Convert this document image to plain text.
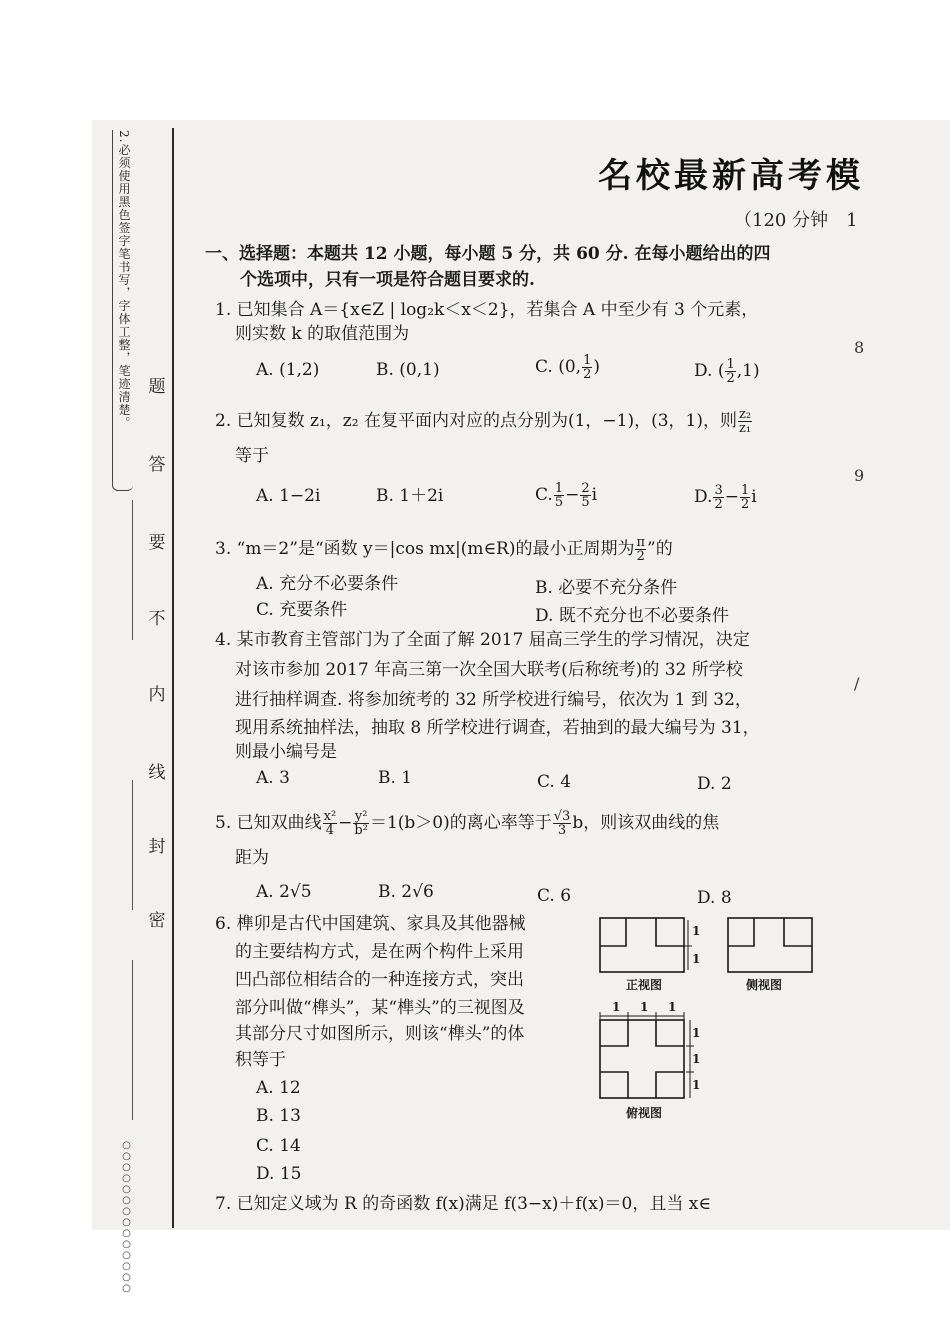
2.必须使用黑色签字笔书写，字体工整，笔迹清楚。
○○○○○○○○○○○○○○
题
答
要
不
内
线
封
密
名校最新高考模
（120 分钟　1
8
9
/
一、选择题：本题共 12 小题，每小题 5 分，共 60 分. 在每小题给出的四
个选项中，只有一项是符合题目要求的.
1. 已知集合 A＝{x∈Z | log₂k＜x＜2}，若集合 A 中至少有 3 个元素，
则实数 k 的取值范围为
A. (1,2)	B. (0,1)	C. (0, $\frac{1}{2}$ )	D. ( $\frac{1}{2} ,1$)
2. 已知复数 z₁，z₂ 在复平面内对应的点分别为(1，−1)，(3，1)，则 $\frac{\text{z₂}}{\text{z₁}}$
等于
A. 1−2i	B. 1＋2i	C. $\frac{1}{5} - \frac{2}{5}$ i	D. $\frac{3}{2} - \frac{1}{2}$ i
3. “m＝2”是“函数 y＝|cos mx|(m∈R)的最小正周期为 $\frac{\pi}{2}$ ”的
A. 充分不必要条件	B. 必要不充分条件
C. 充要条件	D. 既不充分也不必要条件
4. 某市教育主管部门为了全面了解 2017 届高三学生的学习情况，决定
对该市参加 2017 年高三第一次全国大联考(后称统考)的 32 所学校
进行抽样调查. 将参加统考的 32 所学校进行编号，依次为 1 到 32，
现用系统抽样法，抽取 8 所学校进行调查，若抽到的最大编号为 31，
则最小编号是
A. 3	B. 1	C. 4	D. 2
5. 已知双曲线 $\frac{\text{x²}}{4} - \frac{\text{y²}}{\text{b²}} =1(b>0)$的离心率等于 $\frac{√3}{3}$ b，则该双曲线的焦
距为
A. 2√5	B. 2√6	C. 6	D. 8
6. 榫卯是古代中国建筑、家具及其他器械
的主要结构方式，是在两个构件上采用
凹凸部位相结合的一种连接方式，突出
部分叫做“榫头”，某“榫头”的三视图及
其部分尺寸如图所示，则该“榫头”的体
积等于
A. 12
B. 13
C. 14
D. 15
1
1
正视图	侧视图
1 1 1
1
1
1
俯视图
7. 已知定义域为 R 的奇函数 f(x)满足 f(3−x)＋f(x)＝0，且当 x∈
